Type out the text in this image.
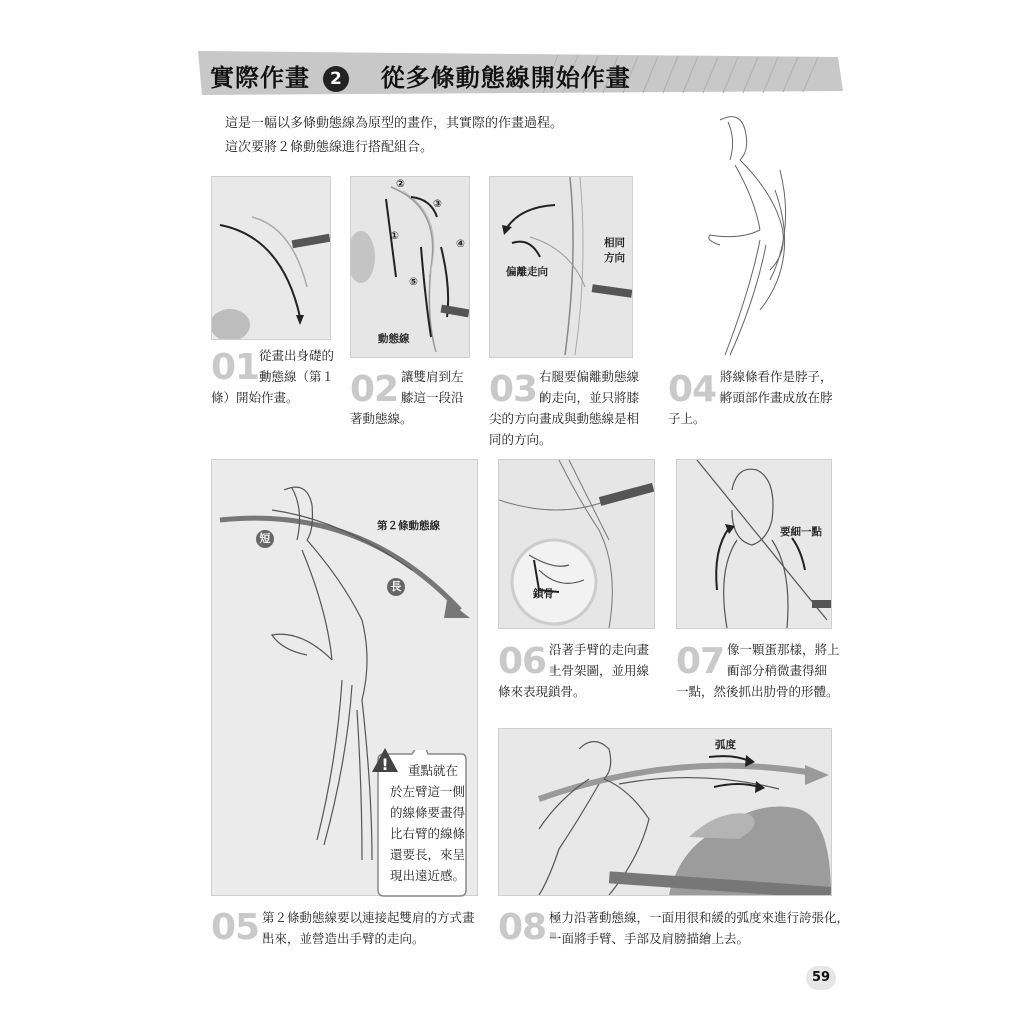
實際作畫 2 從多條動態線開始作畫
這是一幅以多條動態線為原型的畫作，其實際的作畫過程。
這次要將２條動態線進行搭配組合。
②
③
①
④
⑤
動態線
相同
方向
偏離走向
01.
從畫出身礎的
動態線（第１
條）開始作畫。 02.
讓雙肩到左
膝這一段沿
著動態線。
03.
右腿要偏離動態線
的走向，並只將膝
尖的方向畫成與動態線是相
同的方向。
04.
將線條看作是脖子，
將頭部作畫成放在脖
子上。
第２條動態線
短
長
! 重點就在
於左臂這一側
的線條要畫得
比右臂的線條
還要長，來呈
現出遠近感。
鎖骨
要細一點
06.
沿著手臂的走向畫
上骨架圖，並用線
條來表現鎖骨。
07.
像一顆蛋那樣，將上
面部分稍微畫得細
一點，然後抓出肋骨的形體。
弧度
05.
第２條動態線要以連接起雙肩的方式畫
出來，並營造出手臂的走向。 08.
極力沿著動態線，一面用很和緩的弧度來進行誇張化，
一面將手臂、手部及肩膀描繪上去。
59
